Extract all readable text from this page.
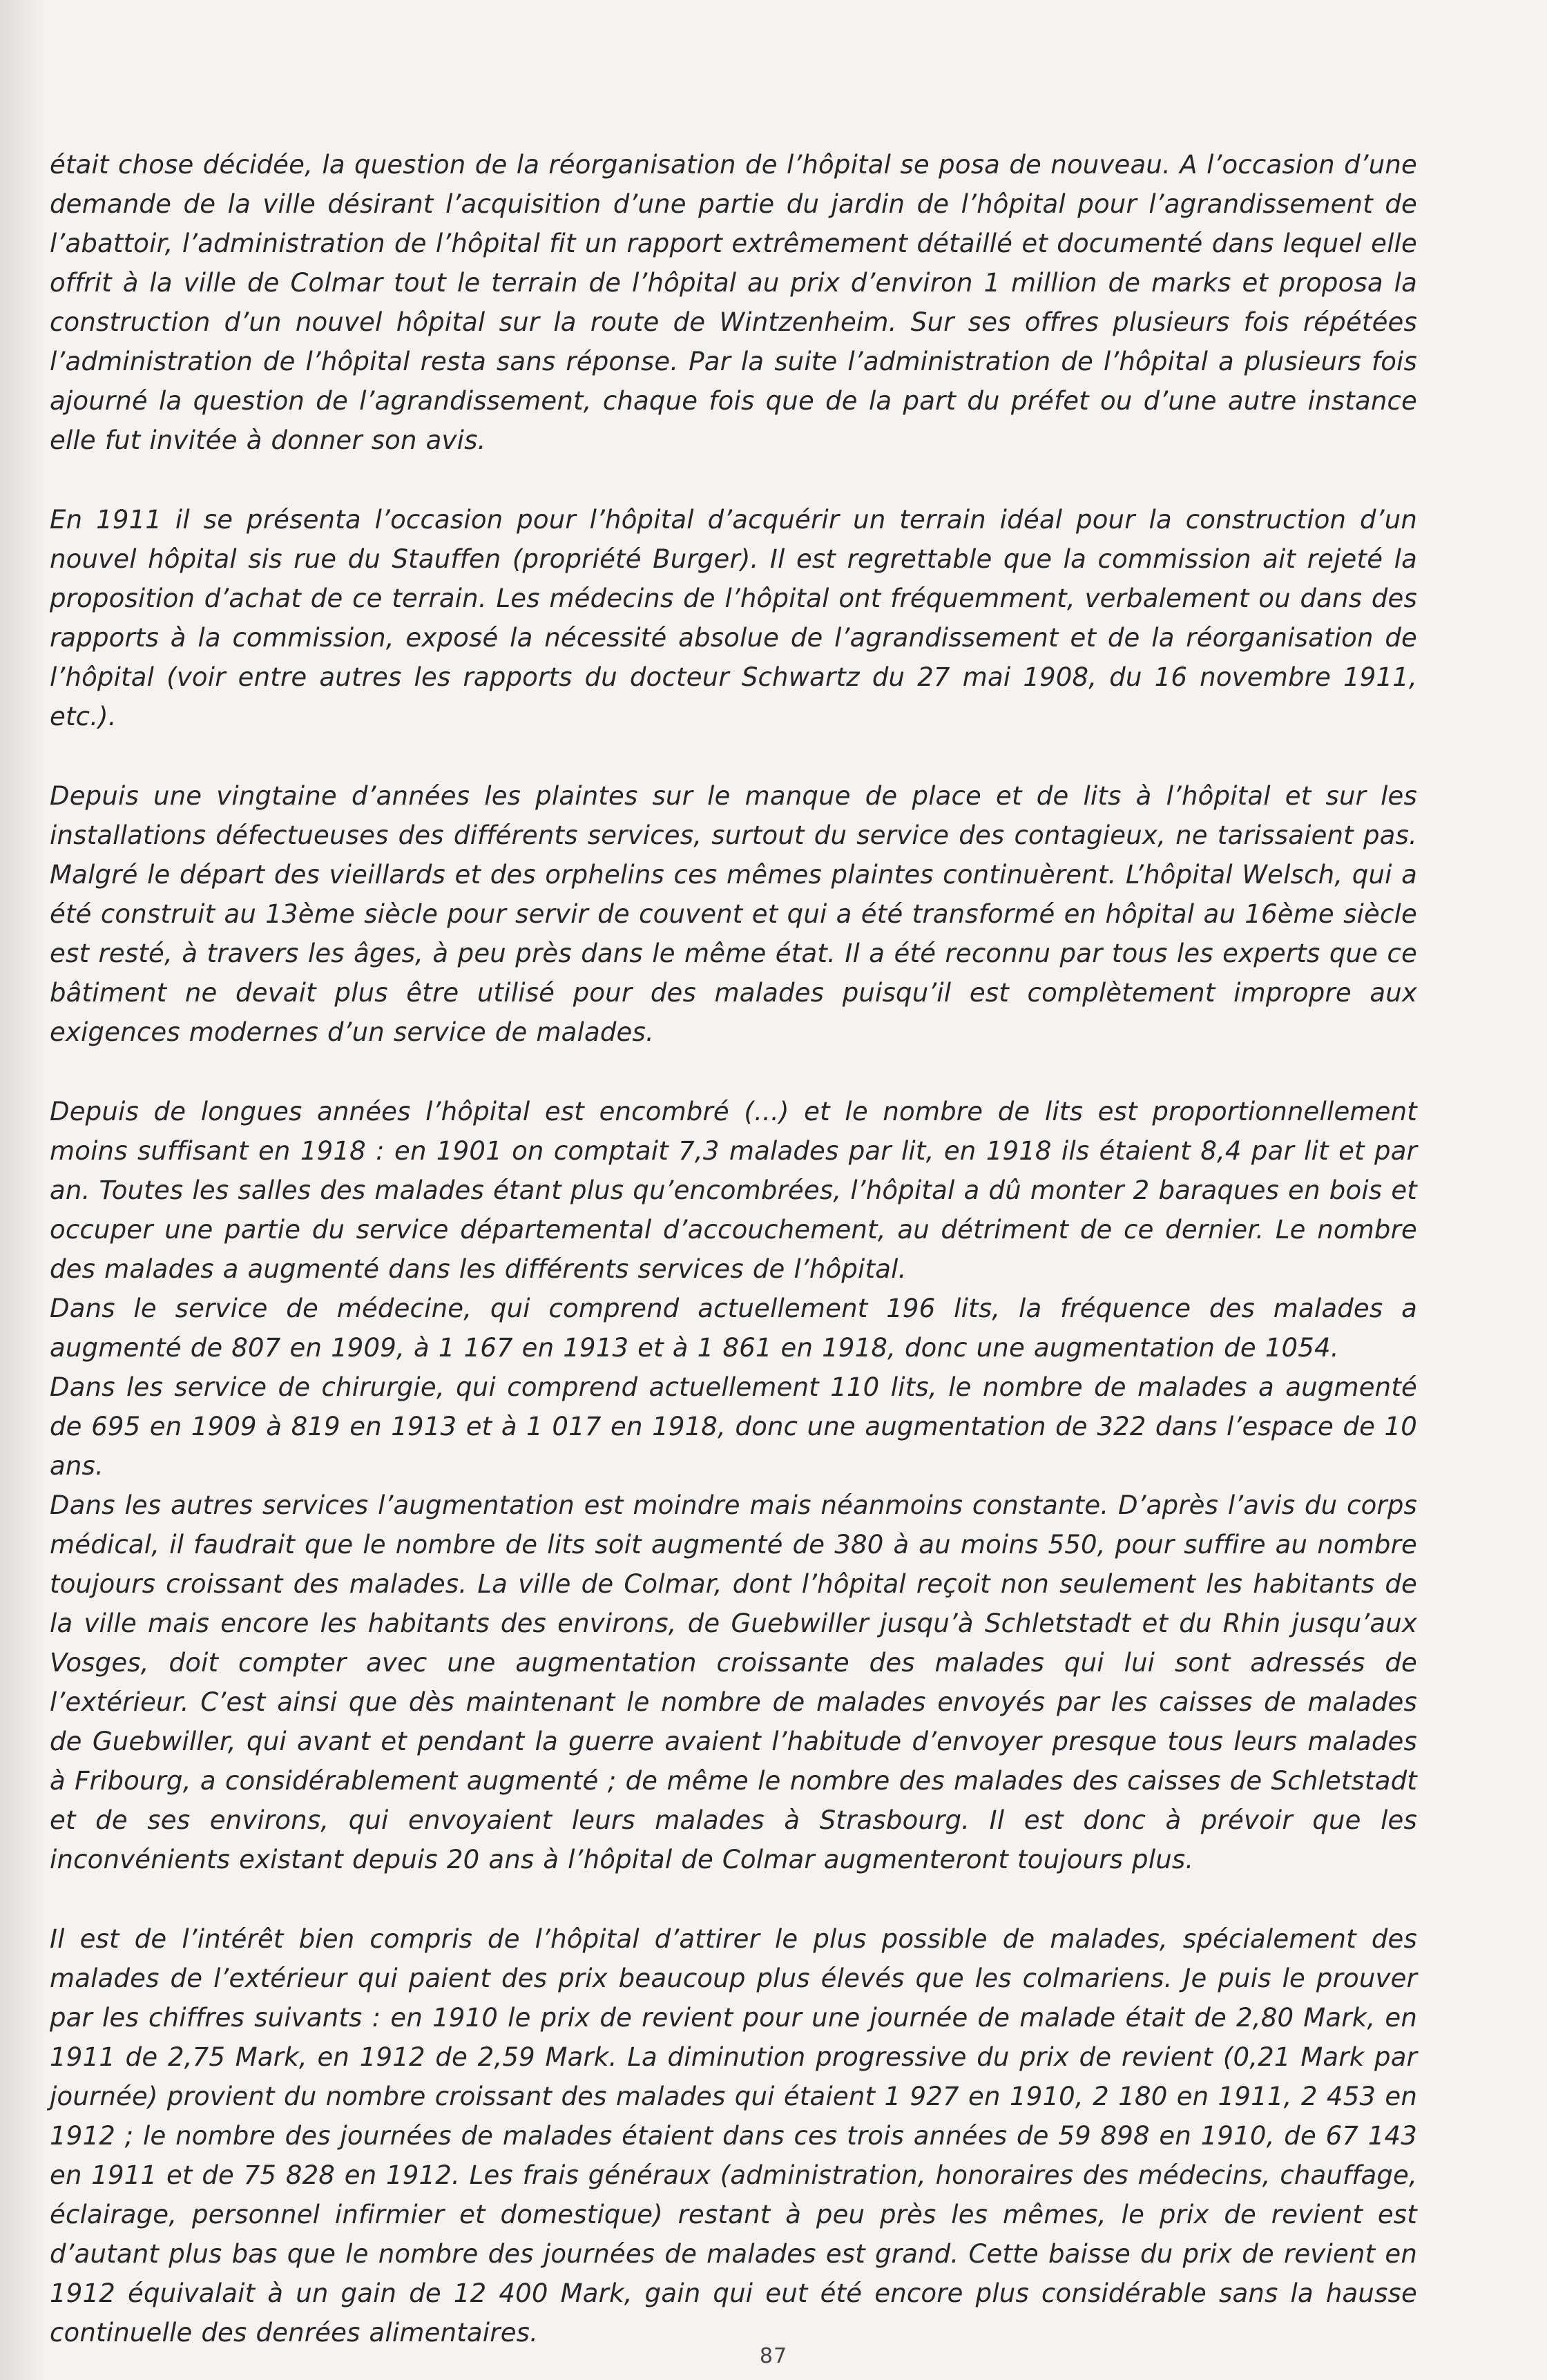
était chose décidée, la question de la réorganisation de l’hôpital se posa de nouveau. A l’occasion d’une demande de la ville désirant l’acquisition d’une partie du jardin de l’hôpital pour l’agrandissement de l’abattoir, l’administration de l’hôpital fit un rapport extrêmement détaillé et documenté dans lequel elle offrit à la ville de Colmar tout le terrain de l’hôpital au prix d’environ 1 million de marks et proposa la construction d’un nouvel hôpital sur la route de Wintzenheim. Sur ses offres plusieurs fois répétées l’administration de l’hôpital resta sans réponse. Par la suite l’administration de l’hôpital a plusieurs fois ajourné la question de l’agrandissement, chaque fois que de la part du préfet ou d’une autre instance elle fut invitée à donner son avis.

En 1911 il se présenta l’occasion pour l’hôpital d’acquérir un terrain idéal pour la construction d’un nouvel hôpital sis rue du Stauffen (propriété Burger). Il est regrettable que la commission ait rejeté la proposition d’achat de ce terrain. Les médecins de l’hôpital ont fréquemment, verbalement ou dans des rapports à la commission, exposé la nécessité absolue de l’agrandissement et de la réorganisation de l’hôpital (voir entre autres les rapports du docteur Schwartz du 27 mai 1908, du 16 novembre 1911, etc.).

Depuis une vingtaine d’années les plaintes sur le manque de place et de lits à l’hôpital et sur les installations défectueuses des différents services, surtout du service des contagieux, ne tarissaient pas. Malgré le départ des vieillards et des orphelins ces mêmes plaintes continuèrent. L’hôpital Welsch, qui a été construit au 13ème siècle pour servir de couvent et qui a été transformé en hôpital au 16ème siècle est resté, à travers les âges, à peu près dans le même état. Il a été reconnu par tous les experts que ce bâtiment ne devait plus être utilisé pour des malades puisqu’il est complètement impropre aux exigences modernes d’un service de malades.

Depuis de longues années l’hôpital est encombré (...) et le nombre de lits est proportionnellement moins suffisant en 1918 : en 1901 on comptait 7,3 malades par lit, en 1918 ils étaient 8,4 par lit et par an. Toutes les salles des malades étant plus qu’encombrées, l’hôpital a dû monter 2 baraques en bois et occuper une partie du service départemental d’accouchement, au détriment de ce dernier. Le nombre des malades a augmenté dans les différents services de l’hôpital.

Dans le service de médecine, qui comprend actuellement 196 lits, la fréquence des malades a augmenté de 807 en 1909, à 1 167 en 1913 et à 1 861 en 1918, donc une augmentation de 1054.

Dans les service de chirurgie, qui comprend actuellement 110 lits, le nombre de malades a augmenté de 695 en 1909 à 819 en 1913 et à 1 017 en 1918, donc une augmentation de 322 dans l’espace de 10 ans.

Dans les autres services l’augmentation est moindre mais néanmoins constante. D’après l’avis du corps médical, il faudrait que le nombre de lits soit augmenté de 380 à au moins 550, pour suffire au nombre toujours croissant des malades. La ville de Colmar, dont l’hôpital reçoit non seulement les habitants de la ville mais encore les habitants des environs, de Guebwiller jusqu’à Schletstadt et du Rhin jusqu’aux Vosges, doit compter avec une augmentation croissante des malades qui lui sont adressés de l’extérieur. C’est ainsi que dès maintenant le nombre de malades envoyés par les caisses de malades de Guebwiller, qui avant et pendant la guerre avaient l’habitude d’envoyer presque tous leurs malades à Fribourg, a considérablement augmenté ; de même le nombre des malades des caisses de Schletstadt et de ses environs, qui envoyaient leurs malades à Strasbourg. Il est donc à prévoir que les inconvénients existant depuis 20 ans à l’hôpital de Colmar augmenteront toujours plus.

Il est de l’intérêt bien compris de l’hôpital d’attirer le plus possible de malades, spécialement des malades de l’extérieur qui paient des prix beaucoup plus élevés que les colmariens. Je puis le prouver par les chiffres suivants : en 1910 le prix de revient pour une journée de malade était de 2,80 Mark, en 1911 de 2,75 Mark, en 1912 de 2,59 Mark. La diminution progressive du prix de revient (0,21 Mark par journée) provient du nombre croissant des malades qui étaient 1 927 en 1910, 2 180 en 1911, 2 453 en 1912 ; le nombre des journées de malades étaient dans ces trois années de 59 898 en 1910, de 67 143 en 1911 et de 75 828 en 1912. Les frais généraux (administration, honoraires des médecins, chauffage, éclairage, personnel infirmier et domestique) restant à peu près les mêmes, le prix de revient est d’autant plus bas que le nombre des journées de malades est grand. Cette baisse du prix de revient en 1912 équivalait à un gain de 12 400 Mark, gain qui eut été encore plus considérable sans la hausse continuelle des denrées alimentaires.

87
